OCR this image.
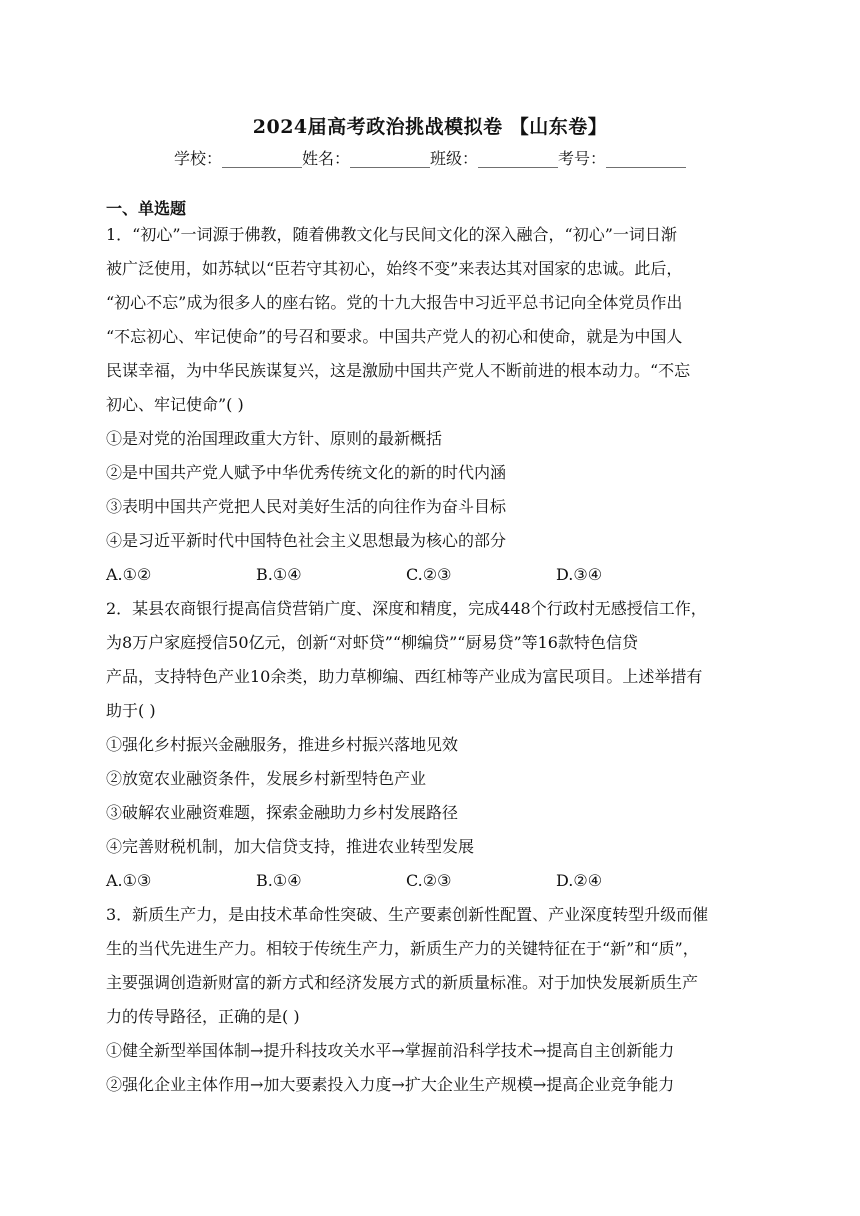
2024届高考政治挑战模拟卷 【山东卷】
学校：__________姓名：__________班级：__________考号：__________
一、单选题
1．“初心”一词源于佛教，随着佛教文化与民间文化的深入融合，“初心”一词日渐
被广泛使用，如苏轼以“臣若守其初心，始终不变”来表达其对国家的忠诚。此后，
“初心不忘”成为很多人的座右铭。党的十九大报告中习近平总书记向全体党员作出
“不忘初心、牢记使命”的号召和要求。中国共产党人的初心和使命，就是为中国人
民谋幸福，为中华民族谋复兴，这是激励中国共产党人不断前进的根本动力。“不忘
初心、牢记使命”( )
①是对党的治国理政重大方针、原则的最新概括
②是中国共产党人赋予中华优秀传统文化的新的时代内涵
③表明中国共产党把人民对美好生活的向往作为奋斗目标
④是习近平新时代中国特色社会主义思想最为核心的部分
A.①②	B.①④	C.②③	D.③④
2．某县农商银行提高信贷营销广度、深度和精度，完成448个行政村无感授信工作，
为8万户家庭授信50亿元，创新“对虾贷”“柳编贷”“厨易贷”等16款特色信贷
产品，支持特色产业10余类，助力草柳编、西红柿等产业成为富民项目。上述举措有
助于( )
①强化乡村振兴金融服务，推进乡村振兴落地见效
②放宽农业融资条件，发展乡村新型特色产业
③破解农业融资难题，探索金融助力乡村发展路径
④完善财税机制，加大信贷支持，推进农业转型发展
A.①③	B.①④	C.②③	D.②④
3．新质生产力，是由技术革命性突破、生产要素创新性配置、产业深度转型升级而催
生的当代先进生产力。相较于传统生产力，新质生产力的关键特征在于“新”和“质”，
主要强调创造新财富的新方式和经济发展方式的新质量标准。对于加快发展新质生产
力的传导路径，正确的是( )
①健全新型举国体制→提升科技攻关水平→掌握前沿科学技术→提高自主创新能力
②强化企业主体作用→加大要素投入力度→扩大企业生产规模→提高企业竞争能力
